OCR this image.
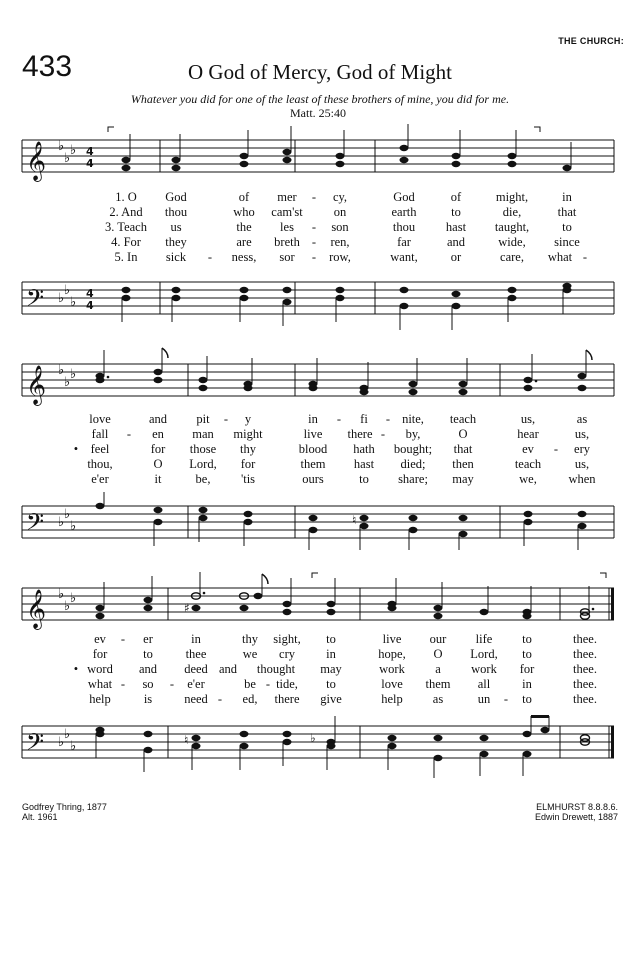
THE CHURCH:
433	O God of Mercy, God of Might
Whatever you did for one of the least of these brothers of mine, you did for me.
Matt. 25:40
𝄞 ♭
♭
♭ 4
4
1. O God	of mer - cy,	God	of	might,	in
2. And thou	who cam'st on	earth	to	die,	that
3. Teach us	the les - son	thou hast taught,	to
4. For they	are breth - ren,	far	and	wide, since
5. In sick - ness, sor - row,	want,	or	care, what -
𝄢 ♭
♭
♭
4
4
𝄞 ♭
♭
♭
love	and pit - y	in - fi - nite, teach	us,	as
fall - en man might	live there - by,	O	hear	us,
• feel	for those thy	blood hath bought; that	ev - ery
thou,	O Lord, for	them hast died; then	teach	us,
e'er	it	be, 'tis	ours	to share; may	we,	when
𝄢 ♭
♭
♭	♮
𝄞 ♭
♭
♭
♯
ev - er	in	thy sight, to	live our life to	thee.
for	to	thee	we cry in	hope, O Lord, to	thee.
• word and deed and thought may	work a work for	thee.
what - so - e'er	be - tide, to	love them all	in	thee.
help	is	need - ed, there give	help as	un - to	thee.
𝄢 ♭
♭
♭	♮	♭
Godfrey Thring, 1877
Alt. 1961
ELMHURST 8.8.8.6.
Edwin Drewett, 1887
